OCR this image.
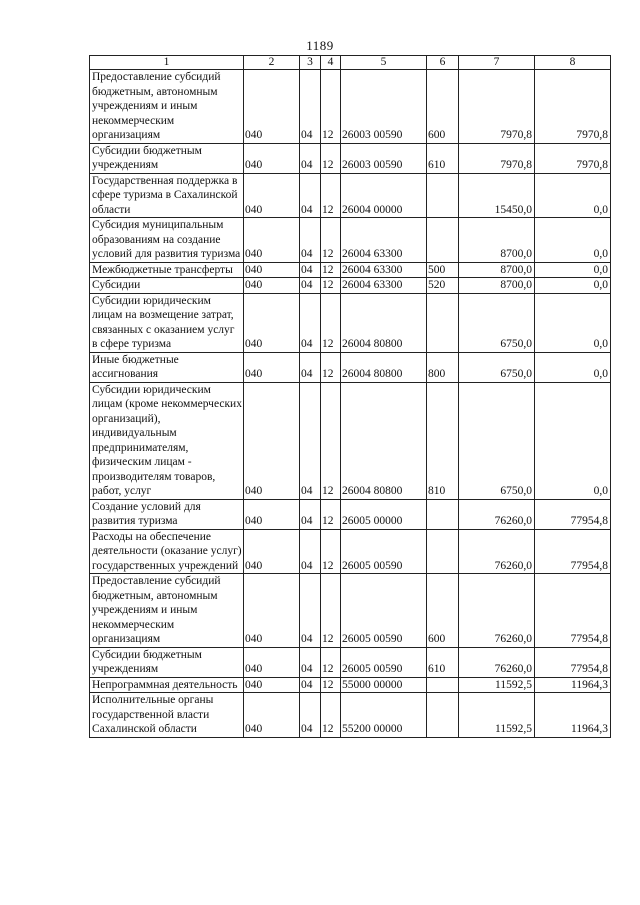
1189
1	2	3	4	5	6	7	8
Предоставление субсидий бюджетным, автономным учреждениям и иным некоммерческим организациям	040	04	12	26003 00590	600	7970,8	7970,8
Субсидии бюджетным учреждениям	040	04	12	26003 00590	610	7970,8	7970,8
Государственная поддержка в сфере туризма в Сахалинской области	040	04	12	26004 00000		15450,0	0,0
Субсидия муниципальным образованиям на создание условий для развития туризма	040	04	12	26004 63300		8700,0	0,0
Межбюджетные трансферты	040	04	12	26004 63300	500	8700,0	0,0
Субсидии	040	04	12	26004 63300	520	8700,0	0,0
Субсидии юридическим лицам на возмещение затрат, связанных с оказанием услуг в сфере туризма	040	04	12	26004 80800		6750,0	0,0
Иные бюджетные ассигнования	040	04	12	26004 80800	800	6750,0	0,0
Субсидии юридическим лицам (кроме некоммерческих организаций), индивидуальным предпринимателям, физическим лицам - производителям товаров, работ, услуг	040	04	12	26004 80800	810	6750,0	0,0
Создание условий для развития туризма	040	04	12	26005 00000		76260,0	77954,8
Расходы на обеспечение деятельности (оказание услуг) государственных учреждений	040	04	12	26005 00590		76260,0	77954,8
Предоставление субсидий бюджетным, автономным учреждениям и иным некоммерческим организациям	040	04	12	26005 00590	600	76260,0	77954,8
Субсидии бюджетным учреждениям	040	04	12	26005 00590	610	76260,0	77954,8
Непрограммная деятельность	040	04	12	55000 00000		11592,5	11964,3
Исполнительные органы государственной власти Сахалинской области	040	04	12	55200 00000		11592,5	11964,3
